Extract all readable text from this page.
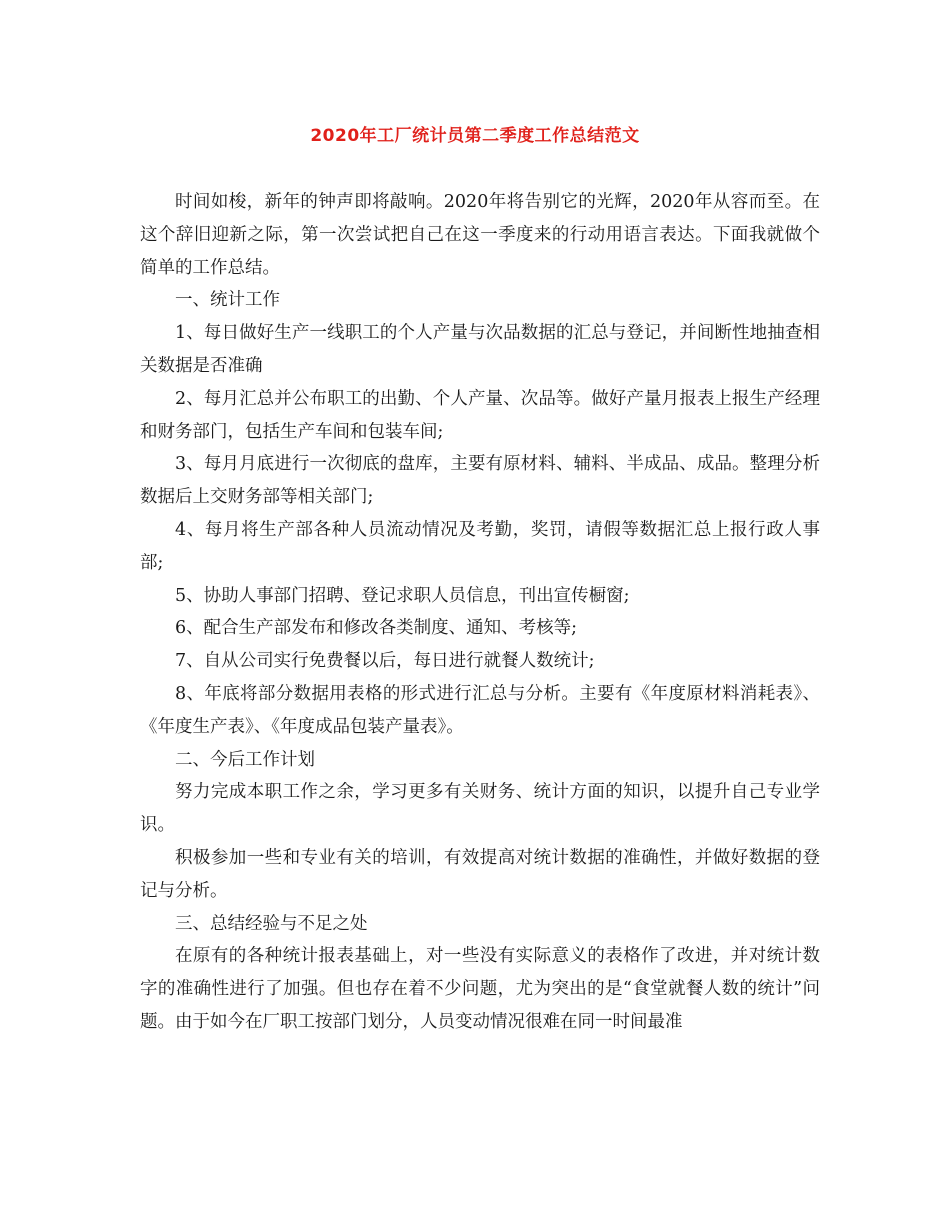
2020年工厂统计员第二季度工作总结范文

时间如梭，新年的钟声即将敲响。2020年将告别它的光辉，2020年从容而至。在这个辞旧迎新之际，第一次尝试把自己在这一季度来的行动用语言表达。下面我就做个简单的工作总结。

一、统计工作

1、每日做好生产一线职工的个人产量与次品数据的汇总与登记，并间断性地抽查相关数据是否准确

2、每月汇总并公布职工的出勤、个人产量、次品等。做好产量月报表上报生产经理和财务部门，包括生产车间和包装车间;

3、每月月底进行一次彻底的盘库，主要有原材料、辅料、半成品、成品。整理分析数据后上交财务部等相关部门;

4、每月将生产部各种人员流动情况及考勤，奖罚，请假等数据汇总上报行政人事部;

5、协助人事部门招聘、登记求职人员信息，刊出宣传橱窗;

6、配合生产部发布和修改各类制度、通知、考核等;

7、自从公司实行免费餐以后，每日进行就餐人数统计;

8、年底将部分数据用表格的形式进行汇总与分析。主要有《年度原材料消耗表》、《年度生产表》、《年度成品包装产量表》。

二、今后工作计划

努力完成本职工作之余，学习更多有关财务、统计方面的知识，以提升自己专业学识。

积极参加一些和专业有关的培训，有效提高对统计数据的准确性，并做好数据的登记与分析。

三、总结经验与不足之处

在原有的各种统计报表基础上，对一些没有实际意义的表格作了改进，并对统计数字的准确性进行了加强。但也存在着不少问题，尤为突出的是“食堂就餐人数的统计”问题。由于如今在厂职工按部门划分，人员变动情况很难在同一时间最准
